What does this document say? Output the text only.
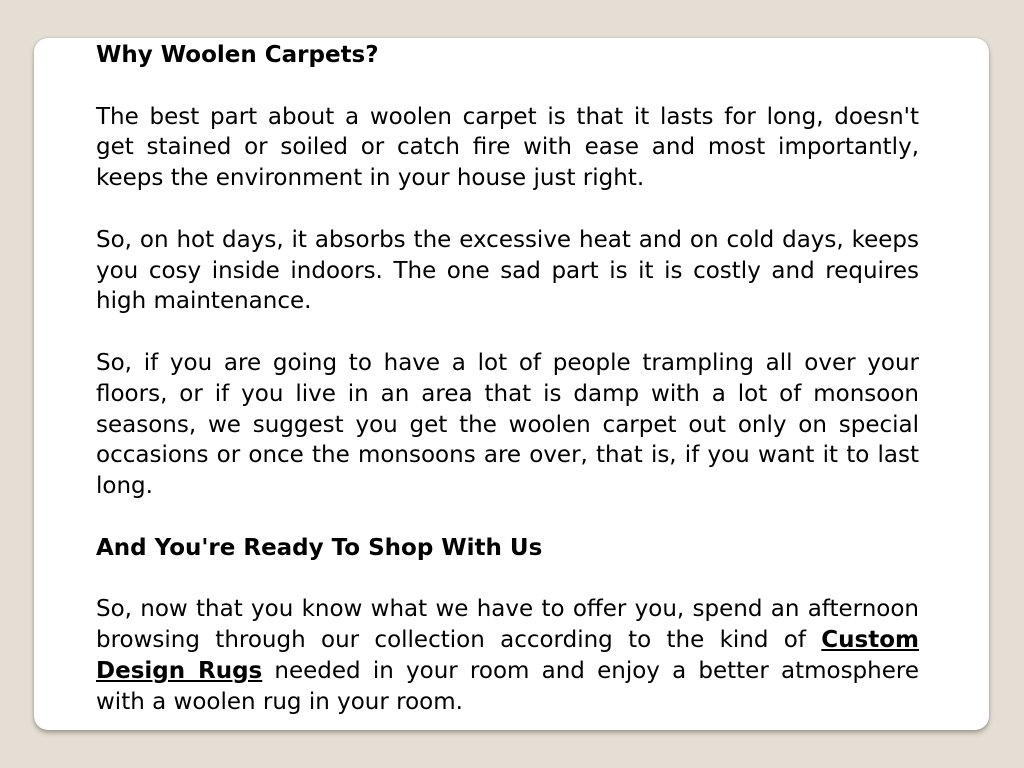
Why Woolen Carpets?

The best part about a woolen carpet is that it lasts for long, doesn't get stained or soiled or catch fire with ease and most importantly, keeps the environment in your house just right.

So, on hot days, it absorbs the excessive heat and on cold days, keeps you cosy inside indoors. The one sad part is it is costly and requires high maintenance.

So, if you are going to have a lot of people trampling all over your floors, or if you live in an area that is damp with a lot of monsoon seasons, we suggest you get the woolen carpet out only on special occasions or once the monsoons are over, that is, if you want it to last long.

And You're Ready To Shop With Us

So, now that you know what we have to offer you, spend an afternoon browsing through our collection according to the kind of Custom Design Rugs needed in your room and enjoy a better atmosphere with a woolen rug in your room.
